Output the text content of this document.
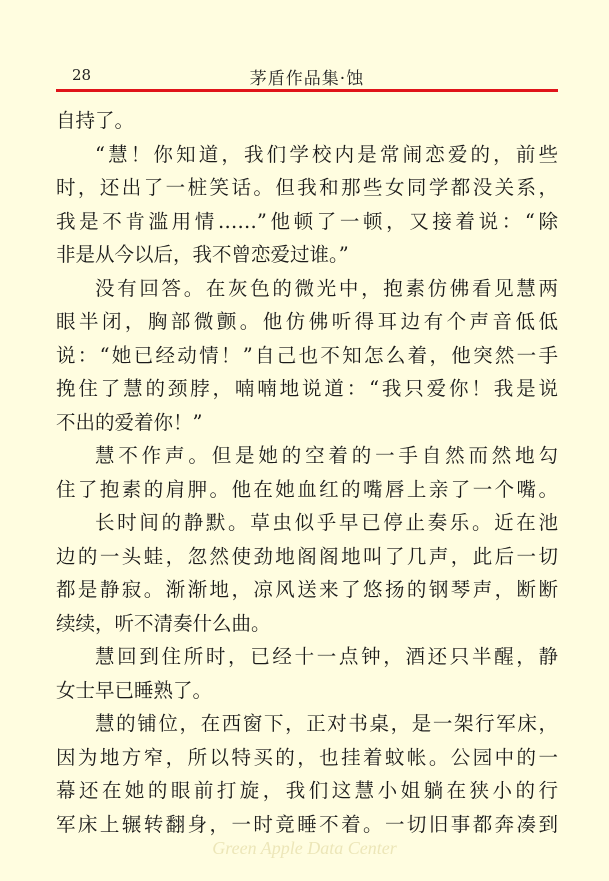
28	茅盾作品集·蚀
自持了。
“慧！你知道，我们学校内是常闹恋爱的，前些
时，还出了一桩笑话。但我和那些女同学都没关系，
我是不肯滥用情……”他顿了一顿，又接着说：“除
非是从今以后，我不曾恋爱过谁。”
没有回答。在灰色的微光中，抱素仿佛看见慧两
眼半闭，胸部微颤。他仿佛听得耳边有个声音低低
说：“她已经动情！”自己也不知怎么着，他突然一手
挽住了慧的颈脖，喃喃地说道：“我只爱你！我是说
不出的爱着你！”
慧不作声。但是她的空着的一手自然而然地勾
住了抱素的肩胛。他在她血红的嘴唇上亲了一个嘴。
长时间的静默。草虫似乎早已停止奏乐。近在池
边的一头蛙，忽然使劲地阁阁地叫了几声，此后一切
都是静寂。渐渐地，凉风送来了悠扬的钢琴声，断断
续续，听不清奏什么曲。
慧回到住所时，已经十一点钟，酒还只半醒，静
女士早已睡熟了。
慧的铺位，在西窗下，正对书桌，是一架行军床，
因为地方窄，所以特买的，也挂着蚊帐。公园中的一
幕还在她的眼前打旋，我们这慧小姐躺在狭小的行
军床上辗转翻身，一时竟睡不着。一切旧事都奔凑到
Green Apple Data Center
